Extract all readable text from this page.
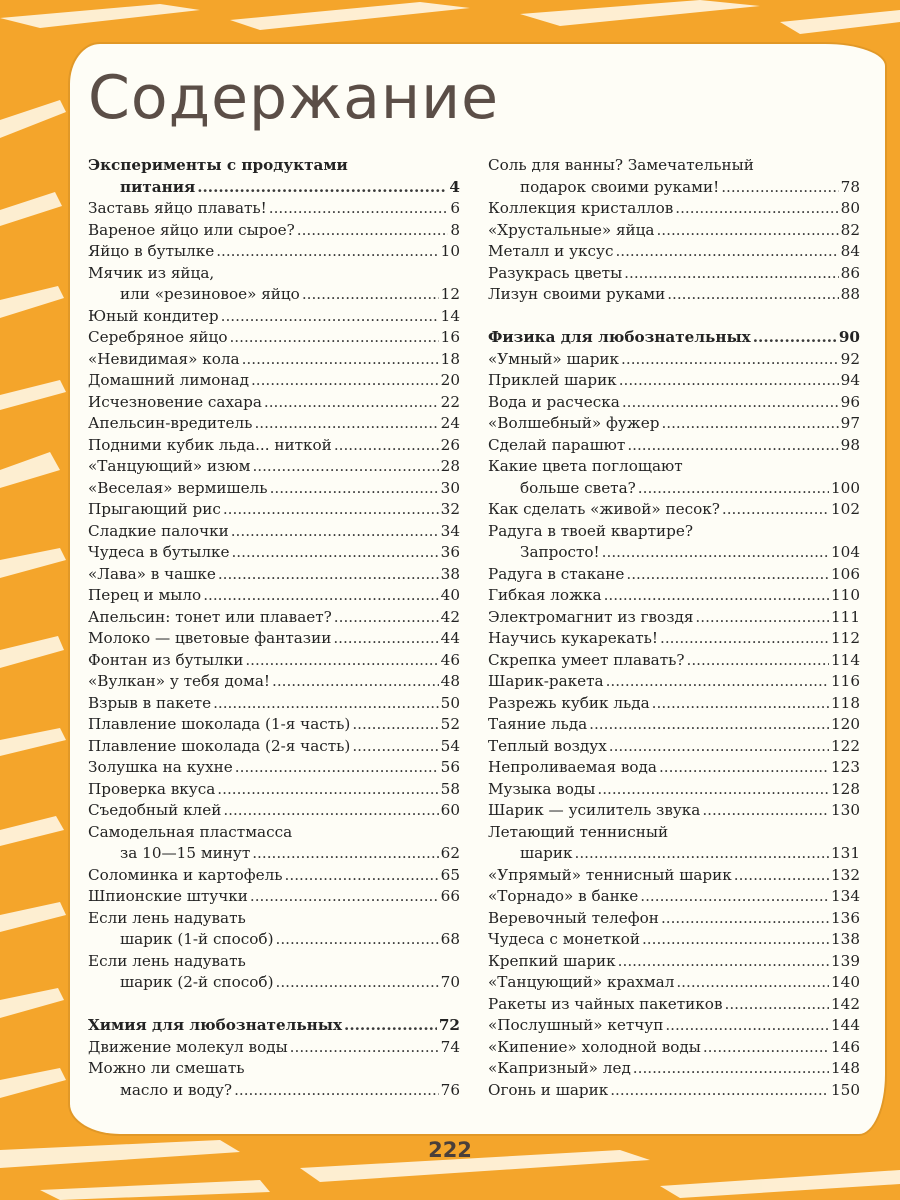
Содержание
Эксперименты с продуктами
питания .....	4
Заставь яйцо плавать! .....	6
Вареное яйцо или сырое? .....	8
Яйцо в бутылке .....	10
Мячик из яйца,
или «резиновое» яйцо .....	12
Юный кондитер .....	14
Серебряное яйцо .....	16
«Невидимая» кола .....	18
Домашний лимонад .....	20
Исчезновение сахара .....	22
Апельсин-вредитель .....	24
Подними кубик льда... ниткой .....	26
«Танцующий» изюм .....	28
«Веселая» вермишель .....	30
Прыгающий рис .....	32
Сладкие палочки .....	34
Чудеса в бутылке .....	36
«Лава» в чашке .....	38
Перец и мыло .....	40
Апельсин: тонет или плавает? .....	42
Молоко — цветовые фантазии .....	44
Фонтан из бутылки .....	46
«Вулкан» у тебя дома! .....	48
Взрыв в пакете .....	50
Плавление шоколада (1-я часть) .....	52
Плавление шоколада (2-я часть) .....	54
Золушка на кухне .....	56
Проверка вкуса .....	58
Съедобный клей .....	60
Самодельная пластмасса
за 10—15 минут .....	62
Соломинка и картофель .....	65
Шпионские штучки .....	66
Если лень надувать
шарик (1-й способ) .....	68
Если лень надувать
шарик (2-й способ) .....	70
Химия для любознательных .....	72
Движение молекул воды .....	74
Можно ли смешать
масло и воду? .....	76
Соль для ванны? Замечательный
подарок своими руками! .....	78
Коллекция кристаллов .....	80
«Хрустальные» яйца .....	82
Металл и уксус .....	84
Разукрась цветы .....	86
Лизун своими руками .....	88
Физика для любознательных .....	90
«Умный» шарик .....	92
Приклей шарик .....	94
Вода и расческа .....	96
«Волшебный» фужер .....	97
Сделай парашют .....	98
Какие цвета поглощают
больше света? .....	100
Как сделать «живой» песок? .....	102
Радуга в твоей квартире?
Запросто! .....	104
Радуга в стакане .....	106
Гибкая ложка .....	110
Электромагнит из гвоздя .....	111
Научись кукарекать! .....	112
Скрепка умеет плавать? .....	114
Шарик-ракета .....	116
Разрежь кубик льда .....	118
Таяние льда .....	120
Теплый воздух .....	122
Непроливаемая вода .....	123
Музыка воды .....	128
Шарик — усилитель звука .....	130
Летающий теннисный
шарик .....	131
«Упрямый» теннисный шарик .....	132
«Торнадо» в банке .....	134
Веревочный телефон .....	136
Чудеса с монеткой .....	138
Крепкий шарик .....	139
«Танцующий» крахмал .....	140
Ракеты из чайных пакетиков .....	142
«Послушный» кетчуп .....	144
«Кипение» холодной воды .....	146
«Капризный» лед .....	148
Огонь и шарик .....	150
222
